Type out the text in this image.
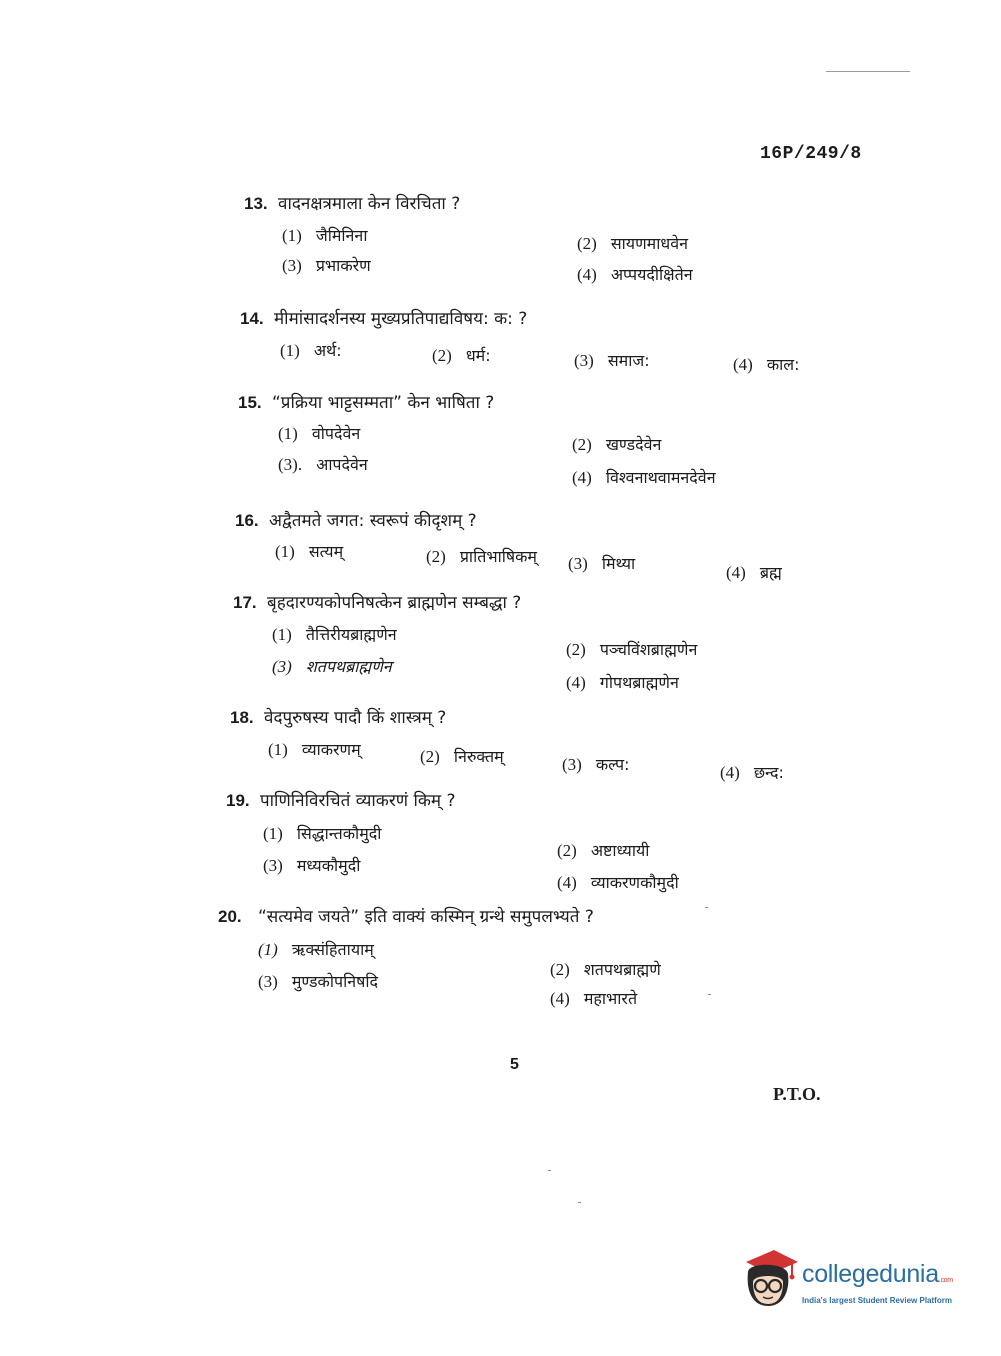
16P/249/8
13. वादनक्षत्रमाला केन विरचिता ?
(1) जैमिनिना	(2) सायणमाधवेन
(3) प्रभाकरेण	(4) अप्पयदीक्षितेन
14. मीमांसादर्शनस्य मुख्यप्रतिपाद्यविषय: क: ?
(1) अर्थ:	(2) धर्म:	(3) समाज:	(4) काल:
15. “प्रक्रिया भाट्टसम्मता” केन भाषिता ?
(1) वोपदेवेन
(2) खण्डदेवेन
(3). आपदेवेन
(4) विश्वनाथवामनदेवेन
16. अद्वैतमते जगत: स्वरूपं कीदृशम् ?
(1) सत्यम्	(2) प्रातिभाषिकम् (3) मिथ्या	(4) ब्रह्म
17. बृहदारण्यकोपनिषत्केन ब्राह्मणेन सम्बद्धा ?
(1) तैत्तिरीयब्राह्मणेन
(2) पञ्चविंशब्राह्मणेन
(3) शतपथब्राह्मणेन
(4) गोपथब्राह्मणेन
18. वेदपुरुषस्य पादौ किं शास्त्रम् ?
(1) व्याकरणम्	(2) निरुक्तम्	(3) कल्प:	(4) छन्द:
19. पाणिनिविरचितं व्याकरणं किम् ?
(1) सिद्धान्तकौमुदी
(2) अष्टाध्यायी
(3) मध्यकौमुदी
(4) व्याकरणकौमुदी
20. “सत्यमेव जयते” इति वाक्यं कस्मिन् ग्रन्थे समुपलभ्यते ?
(1) ऋक्संहितायाम्
(2) शतपथब्राह्मणे
(3) मुण्डकोपनिषदि
(4) महाभारते
5
P.T.O.
collegedunia.com
India's largest Student Review Platform
